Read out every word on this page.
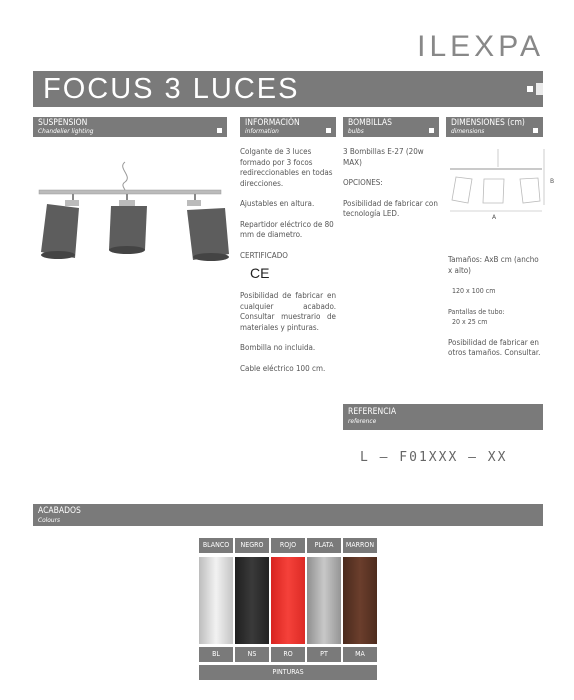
ILEXPA
FOCUS 3 LUCES
SUSPENSION
Chandelier lighting
INFORMACIÓN
information
BOMBILLAS
bulbs
DIMENSIONES (cm)
dimensions

Colgante de 3 luces formado por 3 focos redireccionables en todas direcciones.

Ajustables en altura.

Repartidor eléctrico de 80 mm de diametro.

CERTIFICADO

CE

Posibilidad de fabricar en cualquier acabado. Consultar muestrario de materiales y pinturas.

Bombilla no incluida.

Cable eléctrico 100 cm.

3 Bombillas E-27 (20w MAX)

OPCIONES:

Posibilidad de fabricar con tecnología LED.

B
A

Tamaños: AxB cm (ancho x alto)

120 x 100 cm

Pantallas de tubo:

20 x 25 cm

Posibilidad de fabricar en otros tamaños. Consultar.

REFERENCIA
reference
L – F01XXX – XX
ACABADOS
Colours
BLANCO
BL
NEGRO
NS
ROJO
RO
PLATA
PT
MARRON
MA
PINTURAS
